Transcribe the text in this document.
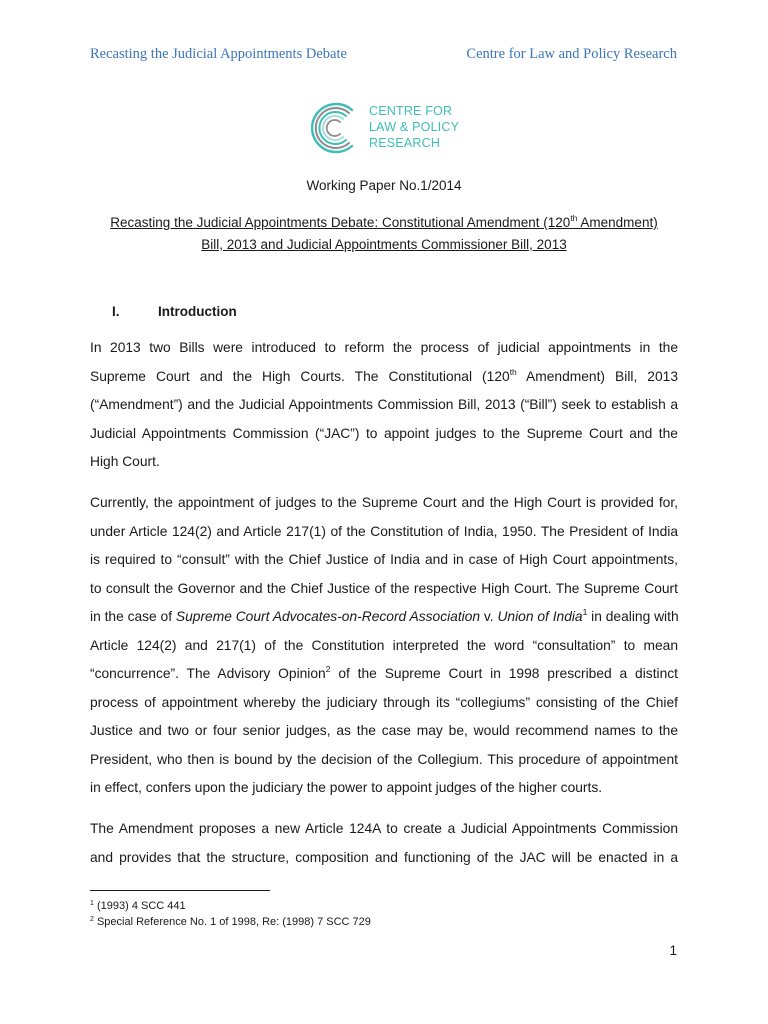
Recasting the Judicial Appointments Debate	Centre for Law and Policy Research
CENTRE FOR
LAW & POLICY
RESEARCH
Working Paper No.1/2014
Recasting the Judicial Appointments Debate: Constitutional Amendment (120th Amendment)
Bill, 2013 and Judicial Appointments Commissioner Bill, 2013
I.	Introduction
In 2013 two Bills were introduced to reform the process of judicial appointments in the
Supreme Court and the High Courts. The Constitutional (120th Amendment) Bill, 2013
(“Amendment”) and the Judicial Appointments Commission Bill, 2013 (“Bill”) seek to establish a
Judicial Appointments Commission (“JAC”) to appoint judges to the Supreme Court and the
High Court.
Currently, the appointment of judges to the Supreme Court and the High Court is provided for,
under Article 124(2) and Article 217(1) of the Constitution of India, 1950. The President of India
is required to “consult” with the Chief Justice of India and in case of High Court appointments,
to consult the Governor and the Chief Justice of the respective High Court. The Supreme Court
in the case of Supreme Court Advocates-on-Record Association v. Union of India$^1$ in dealing with
Article 124(2) and 217(1) of the Constitution interpreted the word “consultation” to mean
“concurrence”. The Advisory Opinion$^2$ of the Supreme Court in 1998 prescribed a distinct
process of appointment whereby the judiciary through its “collegiums” consisting of the Chief
Justice and two or four senior judges, as the case may be, would recommend names to the
President, who then is bound by the decision of the Collegium. This procedure of appointment
in effect, confers upon the judiciary the power to appoint judges of the higher courts.
The Amendment proposes a new Article 124A to create a Judicial Appointments Commission
and provides that the structure, composition and functioning of the JAC will be enacted in a
$^1$ (1993) 4 SCC 441
$^2$ Special Reference No. 1 of 1998, Re: (1998) 7 SCC 729
1
